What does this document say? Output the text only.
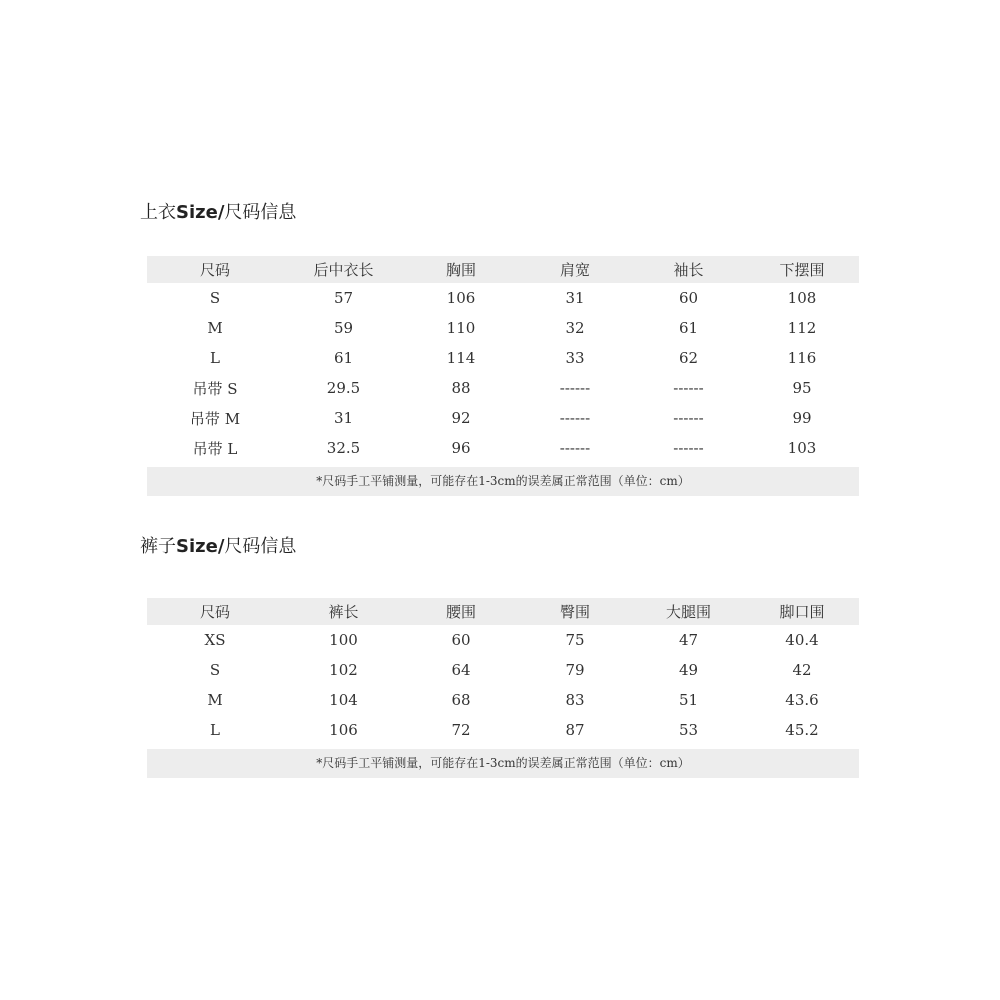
上衣Size/尺码信息
尺码	后中衣长	胸围	肩宽	袖长	下摆围
S	57	106	31	60	108
M	59	110	32	61	112
L	61	114	33	62	116
吊带 S	29.5	88	------	------	95
吊带 M	31	92	------	------	99
吊带 L	32.5	96	------	------	103
*尺码手工平铺测量，可能存在1-3cm的误差属正常范围（单位：cm）
裤子Size/尺码信息
尺码	裤长	腰围	臀围	大腿围	脚口围
XS	100	60	75	47	40.4
S	102	64	79	49	42
M	104	68	83	51	43.6
L	106	72	87	53	45.2
*尺码手工平铺测量，可能存在1-3cm的误差属正常范围（单位：cm）
